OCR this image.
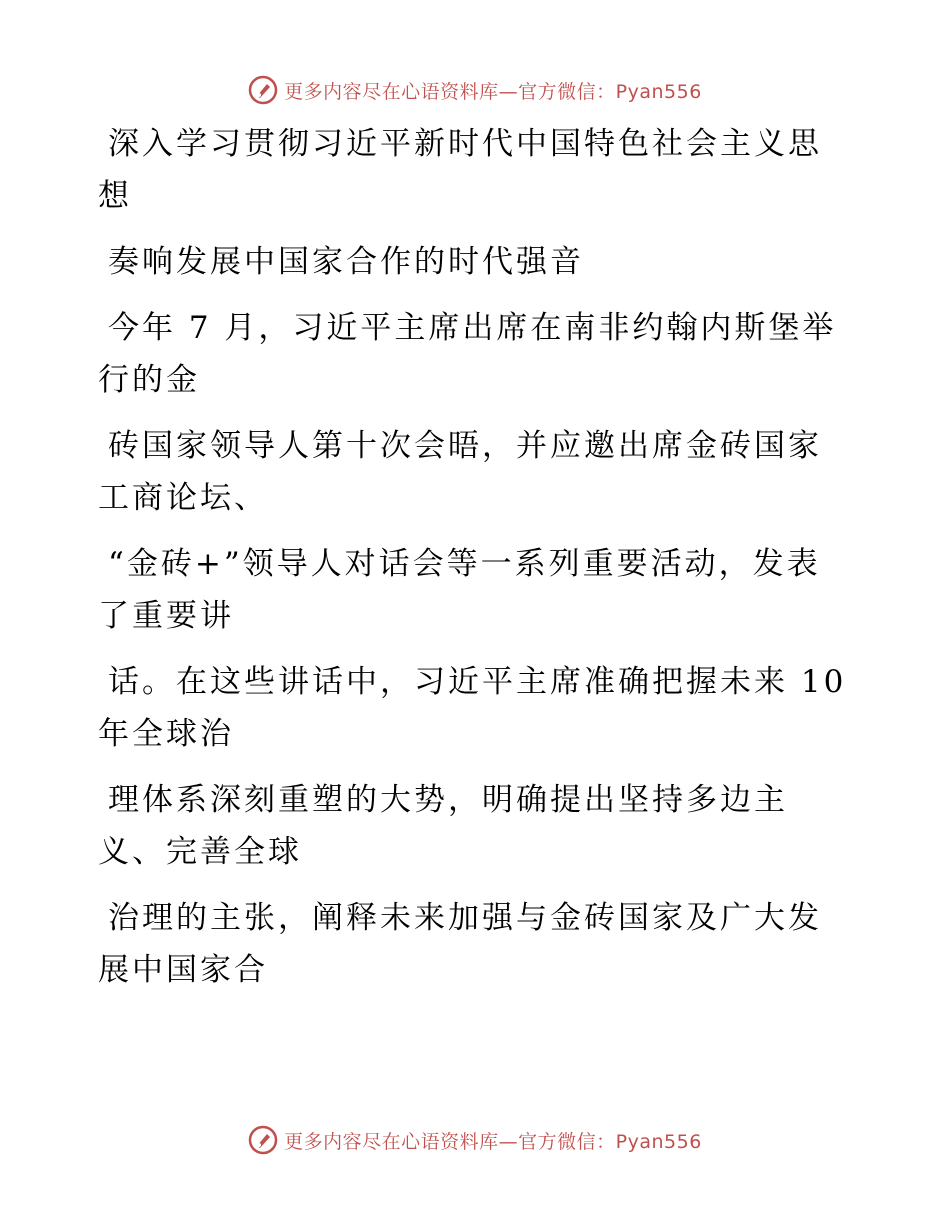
更多内容尽在心语资料库—官方微信：Pyan556
深入学习贯彻习近平新时代中国特色社会主义思
想
奏响发展中国家合作的时代强音
今年 7 月，习近平主席出席在南非约翰内斯堡举
行的金
砖国家领导人第十次会晤，并应邀出席金砖国家
工商论坛、
“金砖+”领导人对话会等一系列重要活动，发表
了重要讲
话。在这些讲话中，习近平主席准确把握未来 10
年全球治
理体系深刻重塑的大势，明确提出坚持多边主
义、完善全球
治理的主张，阐释未来加强与金砖国家及广大发
展中国家合
更多内容尽在心语资料库—官方微信：Pyan556
